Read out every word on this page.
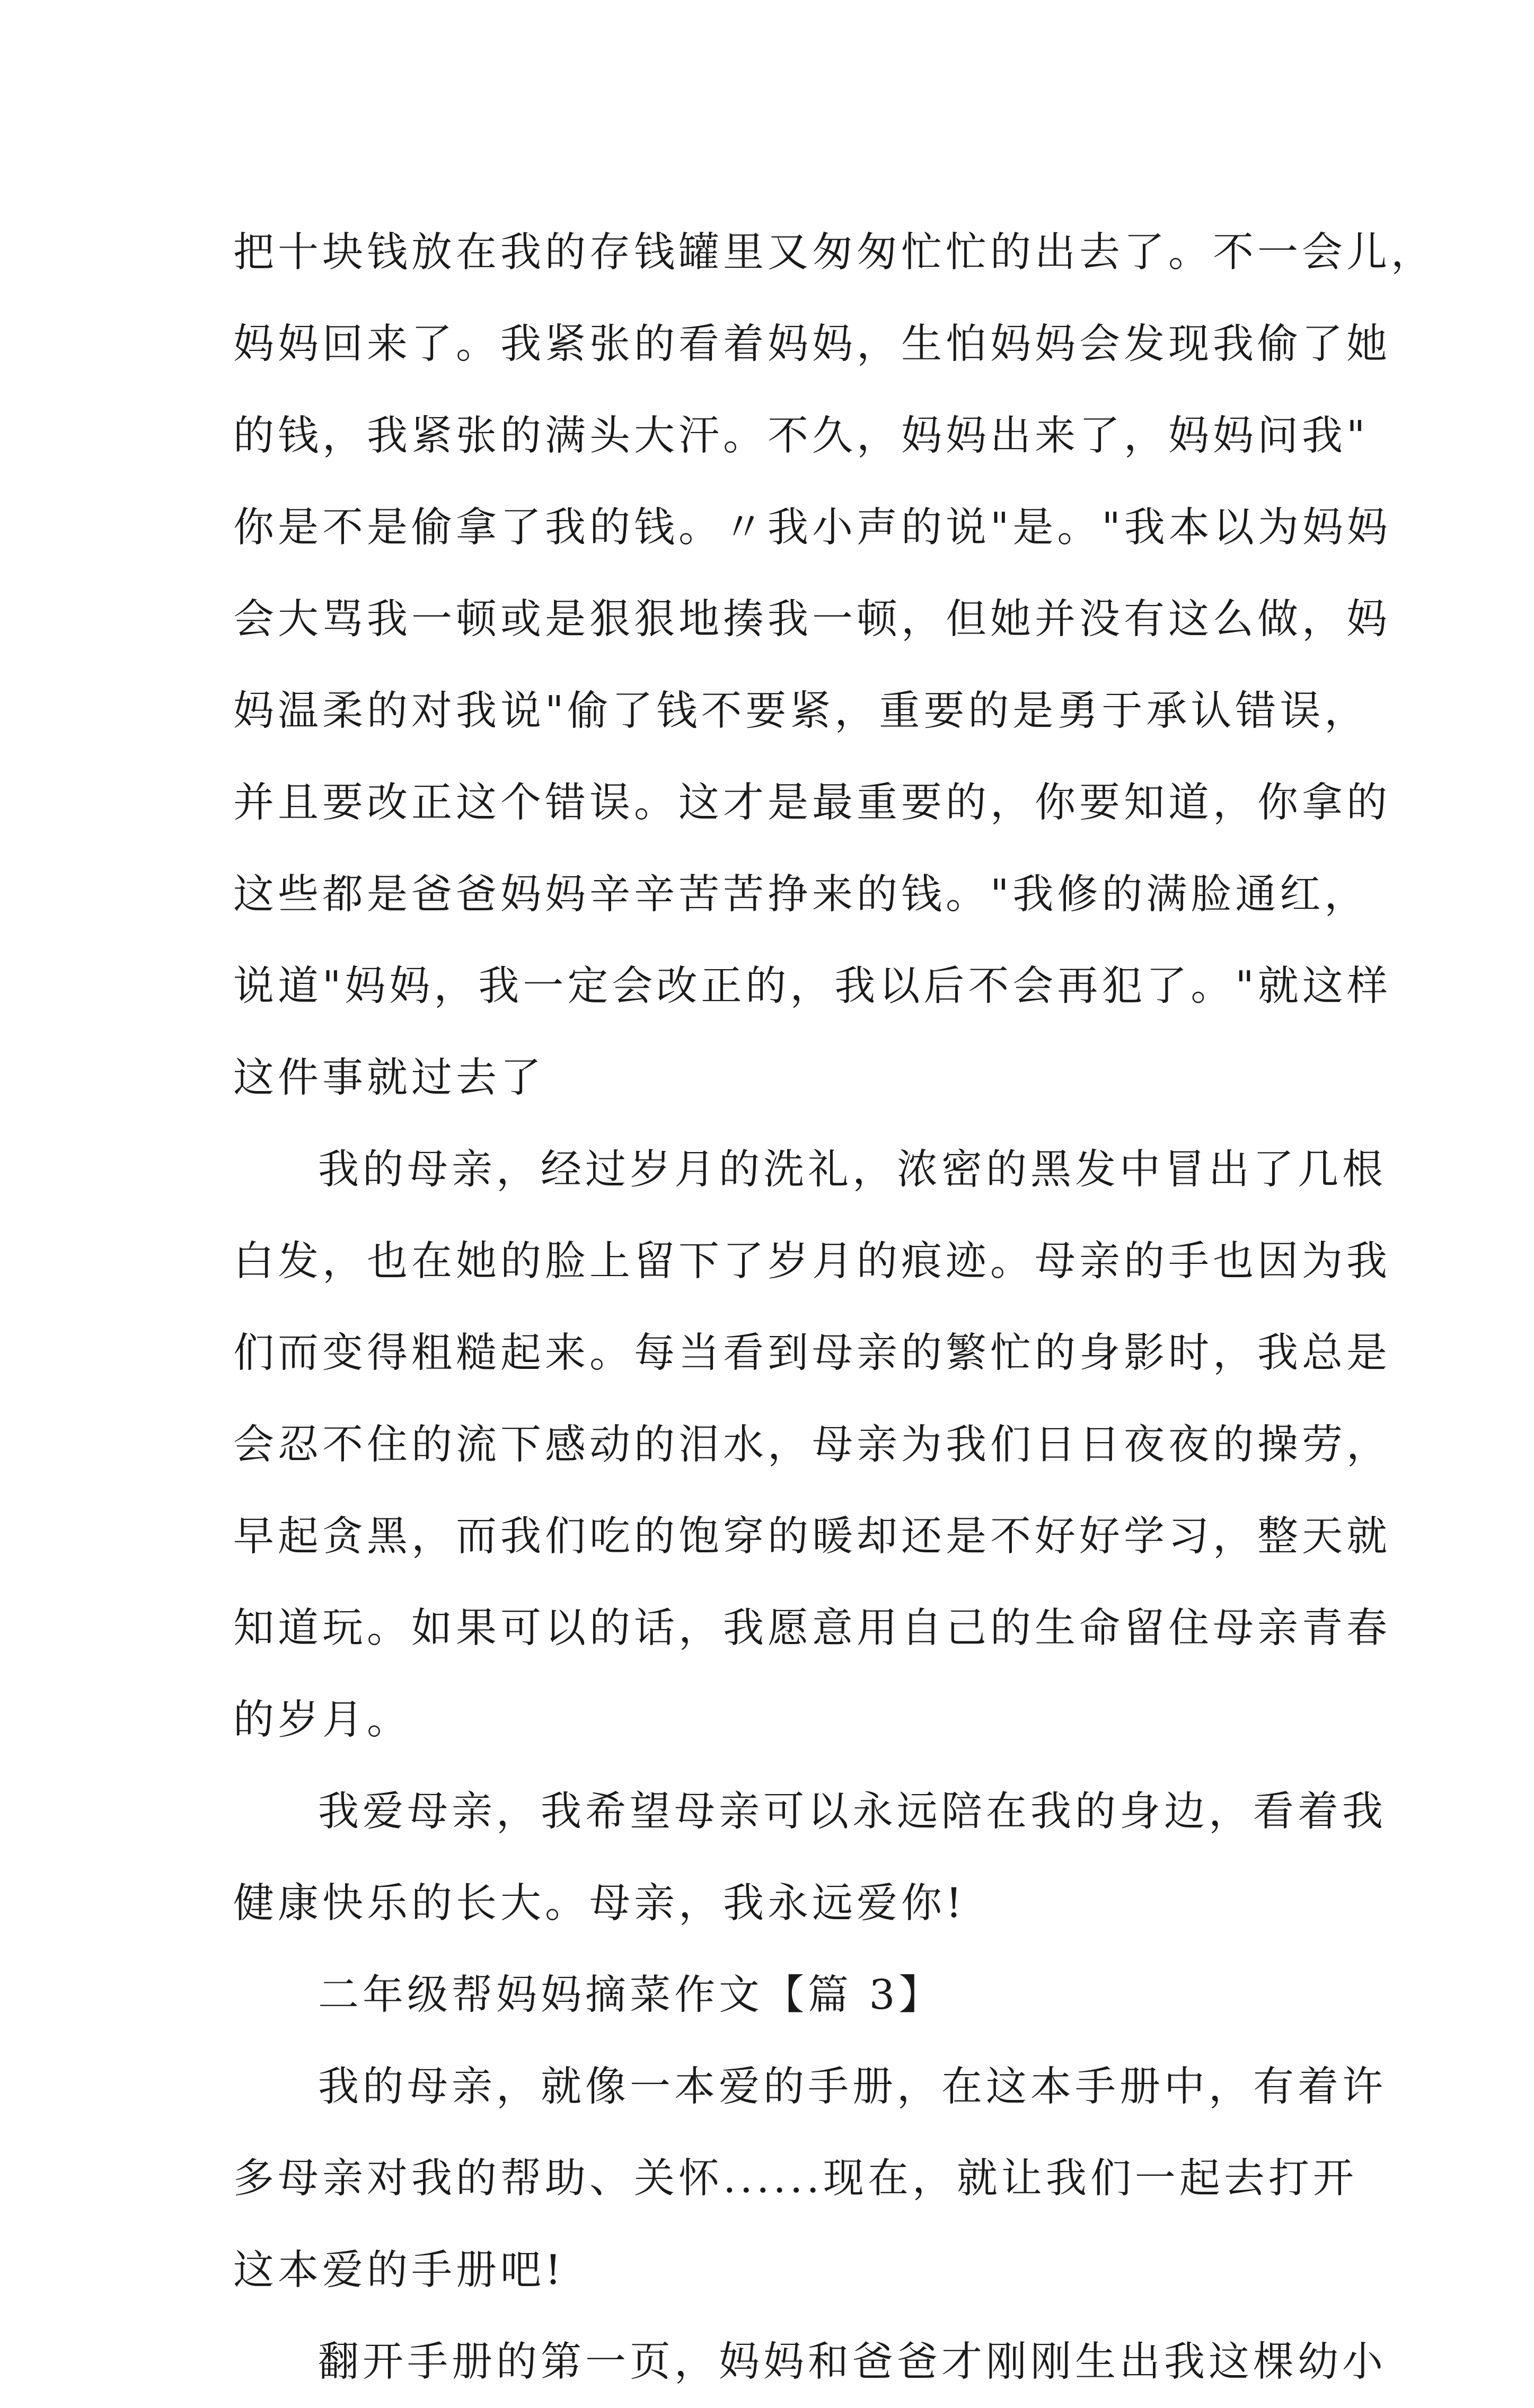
把十块钱放在我的存钱罐里又匆匆忙忙的出去了。不一会儿，
妈妈回来了。我紧张的看着妈妈，生怕妈妈会发现我偷了她
的钱，我紧张的满头大汗。不久，妈妈出来了，妈妈问我"
你是不是偷拿了我的钱。〃我小声的说"是。"我本以为妈妈
会大骂我一顿或是狠狠地揍我一顿，但她并没有这么做，妈
妈温柔的对我说"偷了钱不要紧，重要的是勇于承认错误，
并且要改正这个错误。这才是最重要的，你要知道，你拿的
这些都是爸爸妈妈辛辛苦苦挣来的钱。"我修的满脸通红，
说道"妈妈，我一定会改正的，我以后不会再犯了。"就这样
这件事就过去了
我的母亲，经过岁月的洗礼，浓密的黑发中冒出了几根
白发，也在她的脸上留下了岁月的痕迹。母亲的手也因为我
们而变得粗糙起来。每当看到母亲的繁忙的身影时，我总是
会忍不住的流下感动的泪水，母亲为我们日日夜夜的操劳，
早起贪黑，而我们吃的饱穿的暖却还是不好好学习，整天就
知道玩。如果可以的话，我愿意用自己的生命留住母亲青春
的岁月。
我爱母亲，我希望母亲可以永远陪在我的身边，看着我
健康快乐的长大。母亲，我永远爱你!
二年级帮妈妈摘菜作文【篇 3】
我的母亲，就像一本爱的手册，在这本手册中，有着许
多母亲对我的帮助、关怀......现在，就让我们一起去打开
这本爱的手册吧!
翻开手册的第一页，妈妈和爸爸才刚刚生出我这棵幼小
